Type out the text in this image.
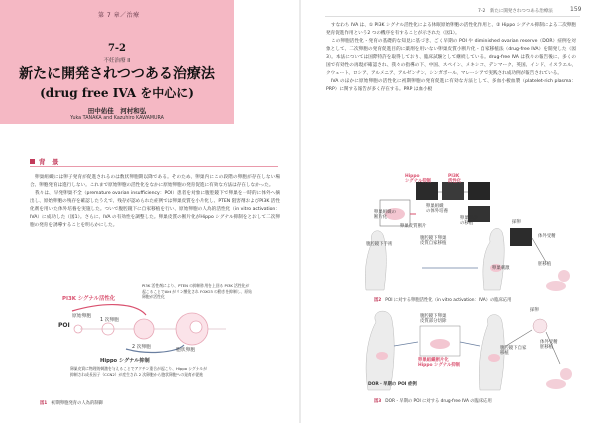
第 7 章／治療
7-2
不妊治療 II
新たに開発されつつある治療法
(drug free IVA を中心に)
田中佑佳　河村和弘
Yuka TANAKA and Kazuhiro KAWAMURA
背　景

卵巣組織には卵子発育が促進されるのは数状卵胞期以降である。そのため、卵巣内にこの段階の卵胞が存在しない場合、卵胞発育は進行しない。これまで原始卵胞の活性化をなかに原始卵胞の発育促進に有効な方法は存在しなかった。

我々は、早発卵巣不全（premature ovarian insufficiency：POI）患者を対象に腹腔鏡下で卵巣を一時的に体外へ摘出し、原始卵胞の残存を確認したうえで、残存が認められた症例では卵巣皮質を小片化し、PTEN 阻害剤およびPI3K 活性化剤を用いた体外培養を実施した。ついで腹腔鏡下に自家移植を行い、原始卵胞の人為的活性化（in vitro activation：IVA）に成功した（図1）。さらに、IVA の有効性を調整した。卵巣皮質の断片化がHippo シグナル抑制をとおして二次卵胞の発育を誘導することを明らかにした。

PI3K シグナル活性化
PI3K 活性剤により、PTEN の抑制作用を上回る PI3K 活性化が起こることでAkt がリン酸化され FOXO3 の動きを抑制し、原始卵胞が活性化
POI
原始卵胞
1 次卵胞
2 次卵胞
胞状卵胞
Hippo シグナル抑制
卵巣皮質に物理的刺激を与えることでアクチン重合が起こり、Hippo シグナルが抑制され成長因子（CCN2）が産生され 2 次卵胞から胞状卵胞への発育が促進
図1 初期卵胞発育の人為的制御
7-2　新たに開発されつつある治療法	159

すなわち IVA は、① PI3K シグナル活性化による休眠原始卵胞の活性化作用と、② Hippo シグナル抑制による二次卵胞発育促進作用という2 つの機序を有することが示された（図1）。

この卵胞活性化・発育の基礎的な知見に基づき、ごく早期の POI や diminished ovarian reserve（DOR）症例を対象として、二次卵胞の発育促進目的に薬剤を用いない卵巣皮質小断片化・自家移植法（drug-free IVA）を開発した（図3）。本法については国際特許を取得しており、臨床試験として継続している。drug-free IVA は我々の報告後に、多くの国で有効性の再現が確認され、我々の指導の下、中国、スペイン、メキシコ、デンマーク、英国、インド、イスラエル、クウェート、ロシア、アルメニア、アルゼンチン、シンガポール、マレーシアで実践され成功例が報告されている。

IVA のほかに原始卵胞の活性化に初期卵胞の発育促進に有効な方法として、多血小板血漿（platelet-rich plasma：PRP）に関する報告が多く存在する。PRP は血小板

Hippo
シグナル抑制
PI3K
活性化
卵巣組織の
断片化
卵巣組織
の体外培養
卵巣皮質断片
腹腔鏡下手術
腹腔鏡下卵巣
皮質自家移植
卵巣組織
の移植	採卵
体外受精
胚移植
卵巣刺激
図2 POI に対する卵胞活性化（in vitro activation：IVA）の臨床応用
腹腔鏡下卵巣
皮質部分切除
卵巣組織断片化
Hippo シグナル抑制
腹腔鏡下自家
移植
採卵
体外受精
胚移植
DOR・早期の POI 症例
図3 DOR・早期の POI に対する drug-free IVA の臨床応用
